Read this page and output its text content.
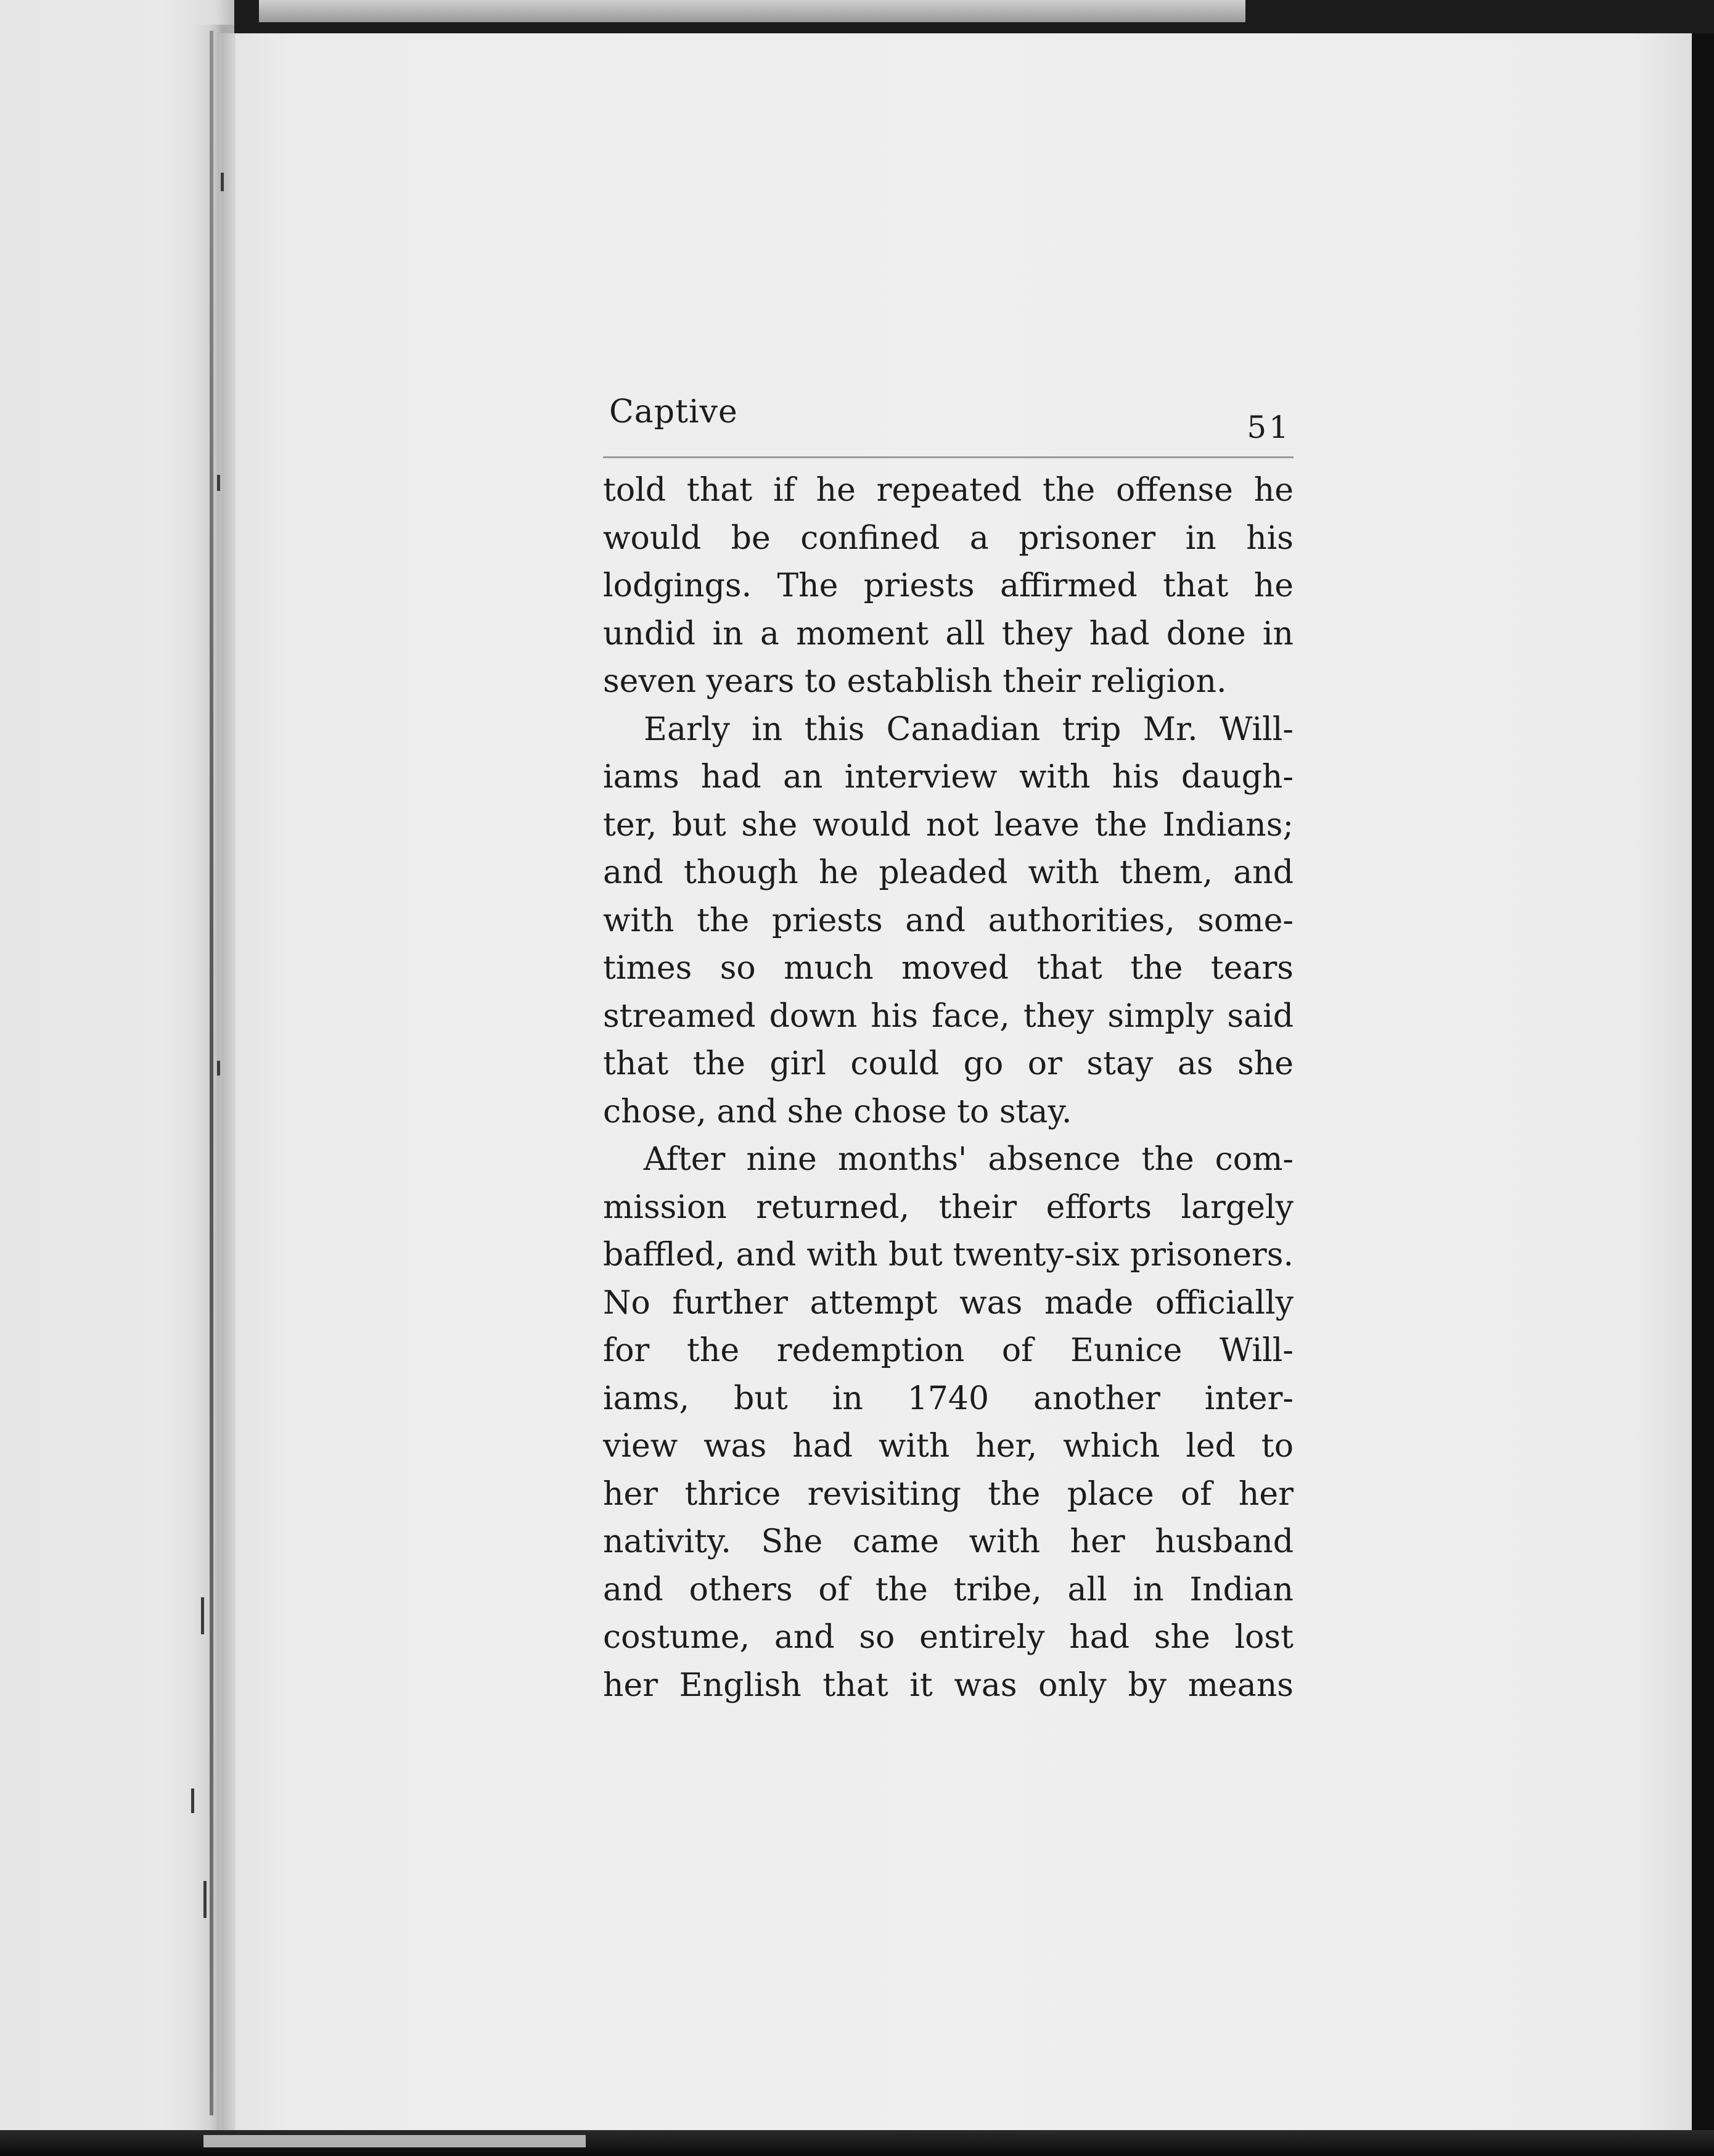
Captive	51
told that if he repeated the offense he
would be confined a prisoner in his
lodgings. The priests affirmed that he
undid in a moment all they had done in
seven years to establish their religion.
Early in this Canadian trip Mr. Will-
iams had an interview with his daugh-
ter, but she would not leave the Indians;
and though he pleaded with them, and
with the priests and authorities, some-
times so much moved that the tears
streamed down his face, they simply said
that the girl could go or stay as she
chose, and she chose to stay.
After nine months' absence the com-
mission returned, their efforts largely
baffled, and with but twenty-six prisoners.
No further attempt was made officially
for the redemption of Eunice Will-
iams, but in 1740 another inter-
view was had with her, which led to
her thrice revisiting the place of her
nativity. She came with her husband
and others of the tribe, all in Indian
costume, and so entirely had she lost
her English that it was only by means
